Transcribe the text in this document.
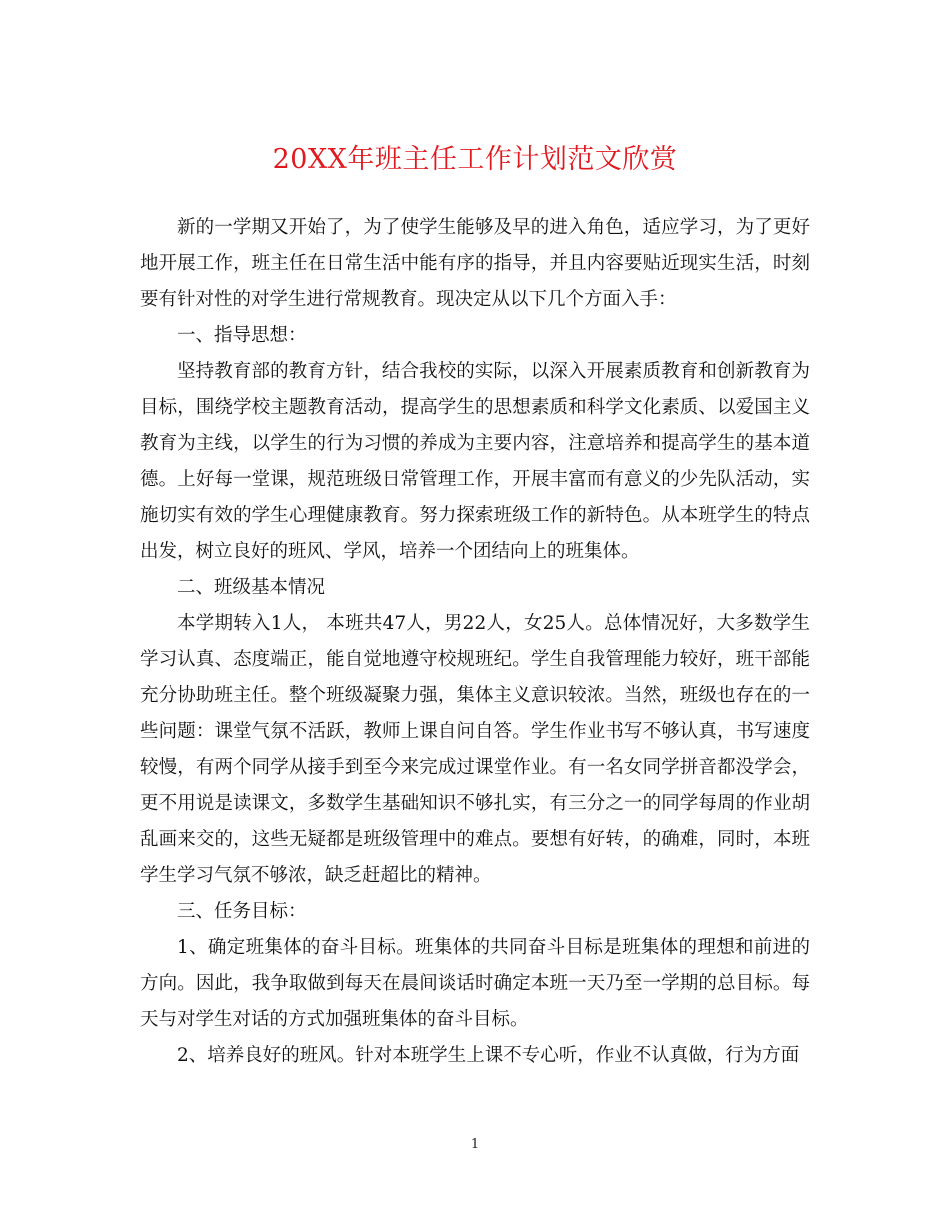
20XX年班主任工作计划范文欣赏

新的一学期又开始了，为了使学生能够及早的进入角色，适应学习，为了更好地开展工作，班主任在日常生活中能有序的指导，并且内容要贴近现实生活，时刻要有针对性的对学生进行常规教育。现决定从以下几个方面入手：

一、指导思想：

坚持教育部的教育方针，结合我校的实际，以深入开展素质教育和创新教育为目标，围绕学校主题教育活动，提高学生的思想素质和科学文化素质、以爱国主义教育为主线，以学生的行为习惯的养成为主要内容，注意培养和提高学生的基本道德。上好每一堂课，规范班级日常管理工作，开展丰富而有意义的少先队活动，实施切实有效的学生心理健康教育。努力探索班级工作的新特色。从本班学生的特点出发，树立良好的班风、学风，培养一个团结向上的班集体。

二、班级基本情况

本学期转入1人， 本班共47人，男22人，女25人。总体情况好，大多数学生学习认真、态度端正，能自觉地遵守校规班纪。学生自我管理能力较好，班干部能充分协助班主任。整个班级凝聚力强，集体主义意识较浓。当然，班级也存在的一些问题：课堂气氛不活跃，教师上课自问自答。学生作业书写不够认真，书写速度较慢，有两个同学从接手到至今来完成过课堂作业。有一名女同学拼音都没学会，更不用说是读课文，多数学生基础知识不够扎实，有三分之一的同学每周的作业胡乱画来交的，这些无疑都是班级管理中的难点。要想有好转，的确难，同时，本班学生学习气氛不够浓，缺乏赶超比的精神。

三、任务目标：

1、确定班集体的奋斗目标。班集体的共同奋斗目标是班集体的理想和前进的方向。因此，我争取做到每天在晨间谈话时确定本班一天乃至一学期的总目标。每天与对学生对话的方式加强班集体的奋斗目标。

2、培养良好的班风。针对本班学生上课不专心听，作业不认真做，行为方面

1
